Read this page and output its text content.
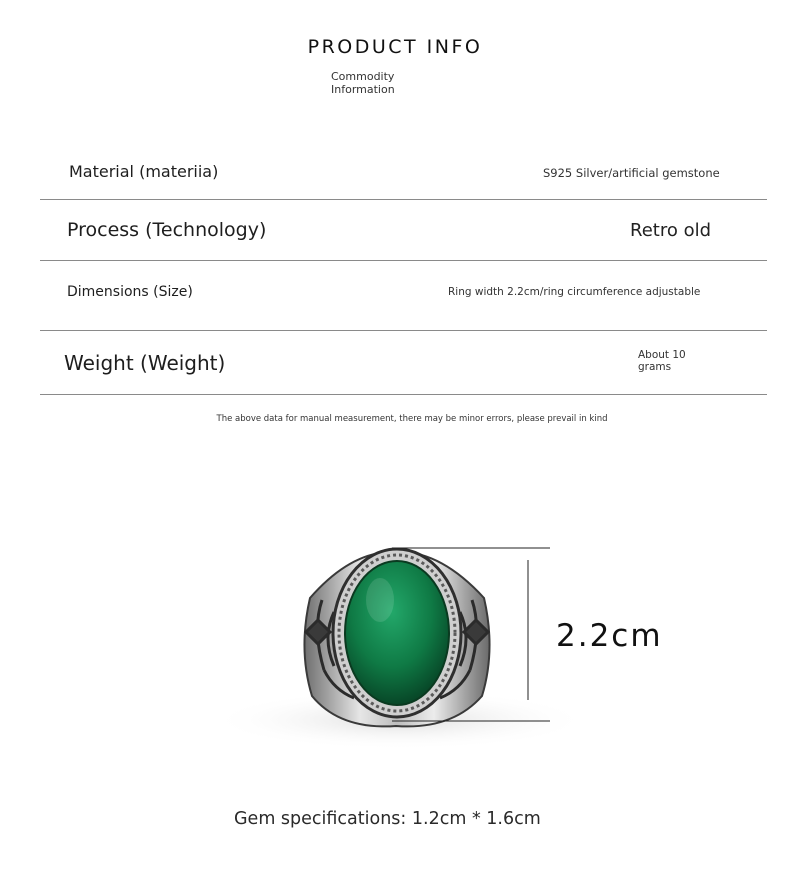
PRODUCT INFO
Commodity
Information
Material (materiia)	S925 Silver/artificial gemstone
Process (Technology)	Retro old
Dimensions (Size)	Ring width 2.2cm/ring circumference adjustable
Weight (Weight)	About 10
grams
The above data for manual measurement, there may be minor errors, please prevail in kind
2.2cm
Gem specifications: 1.2cm * 1.6cm
